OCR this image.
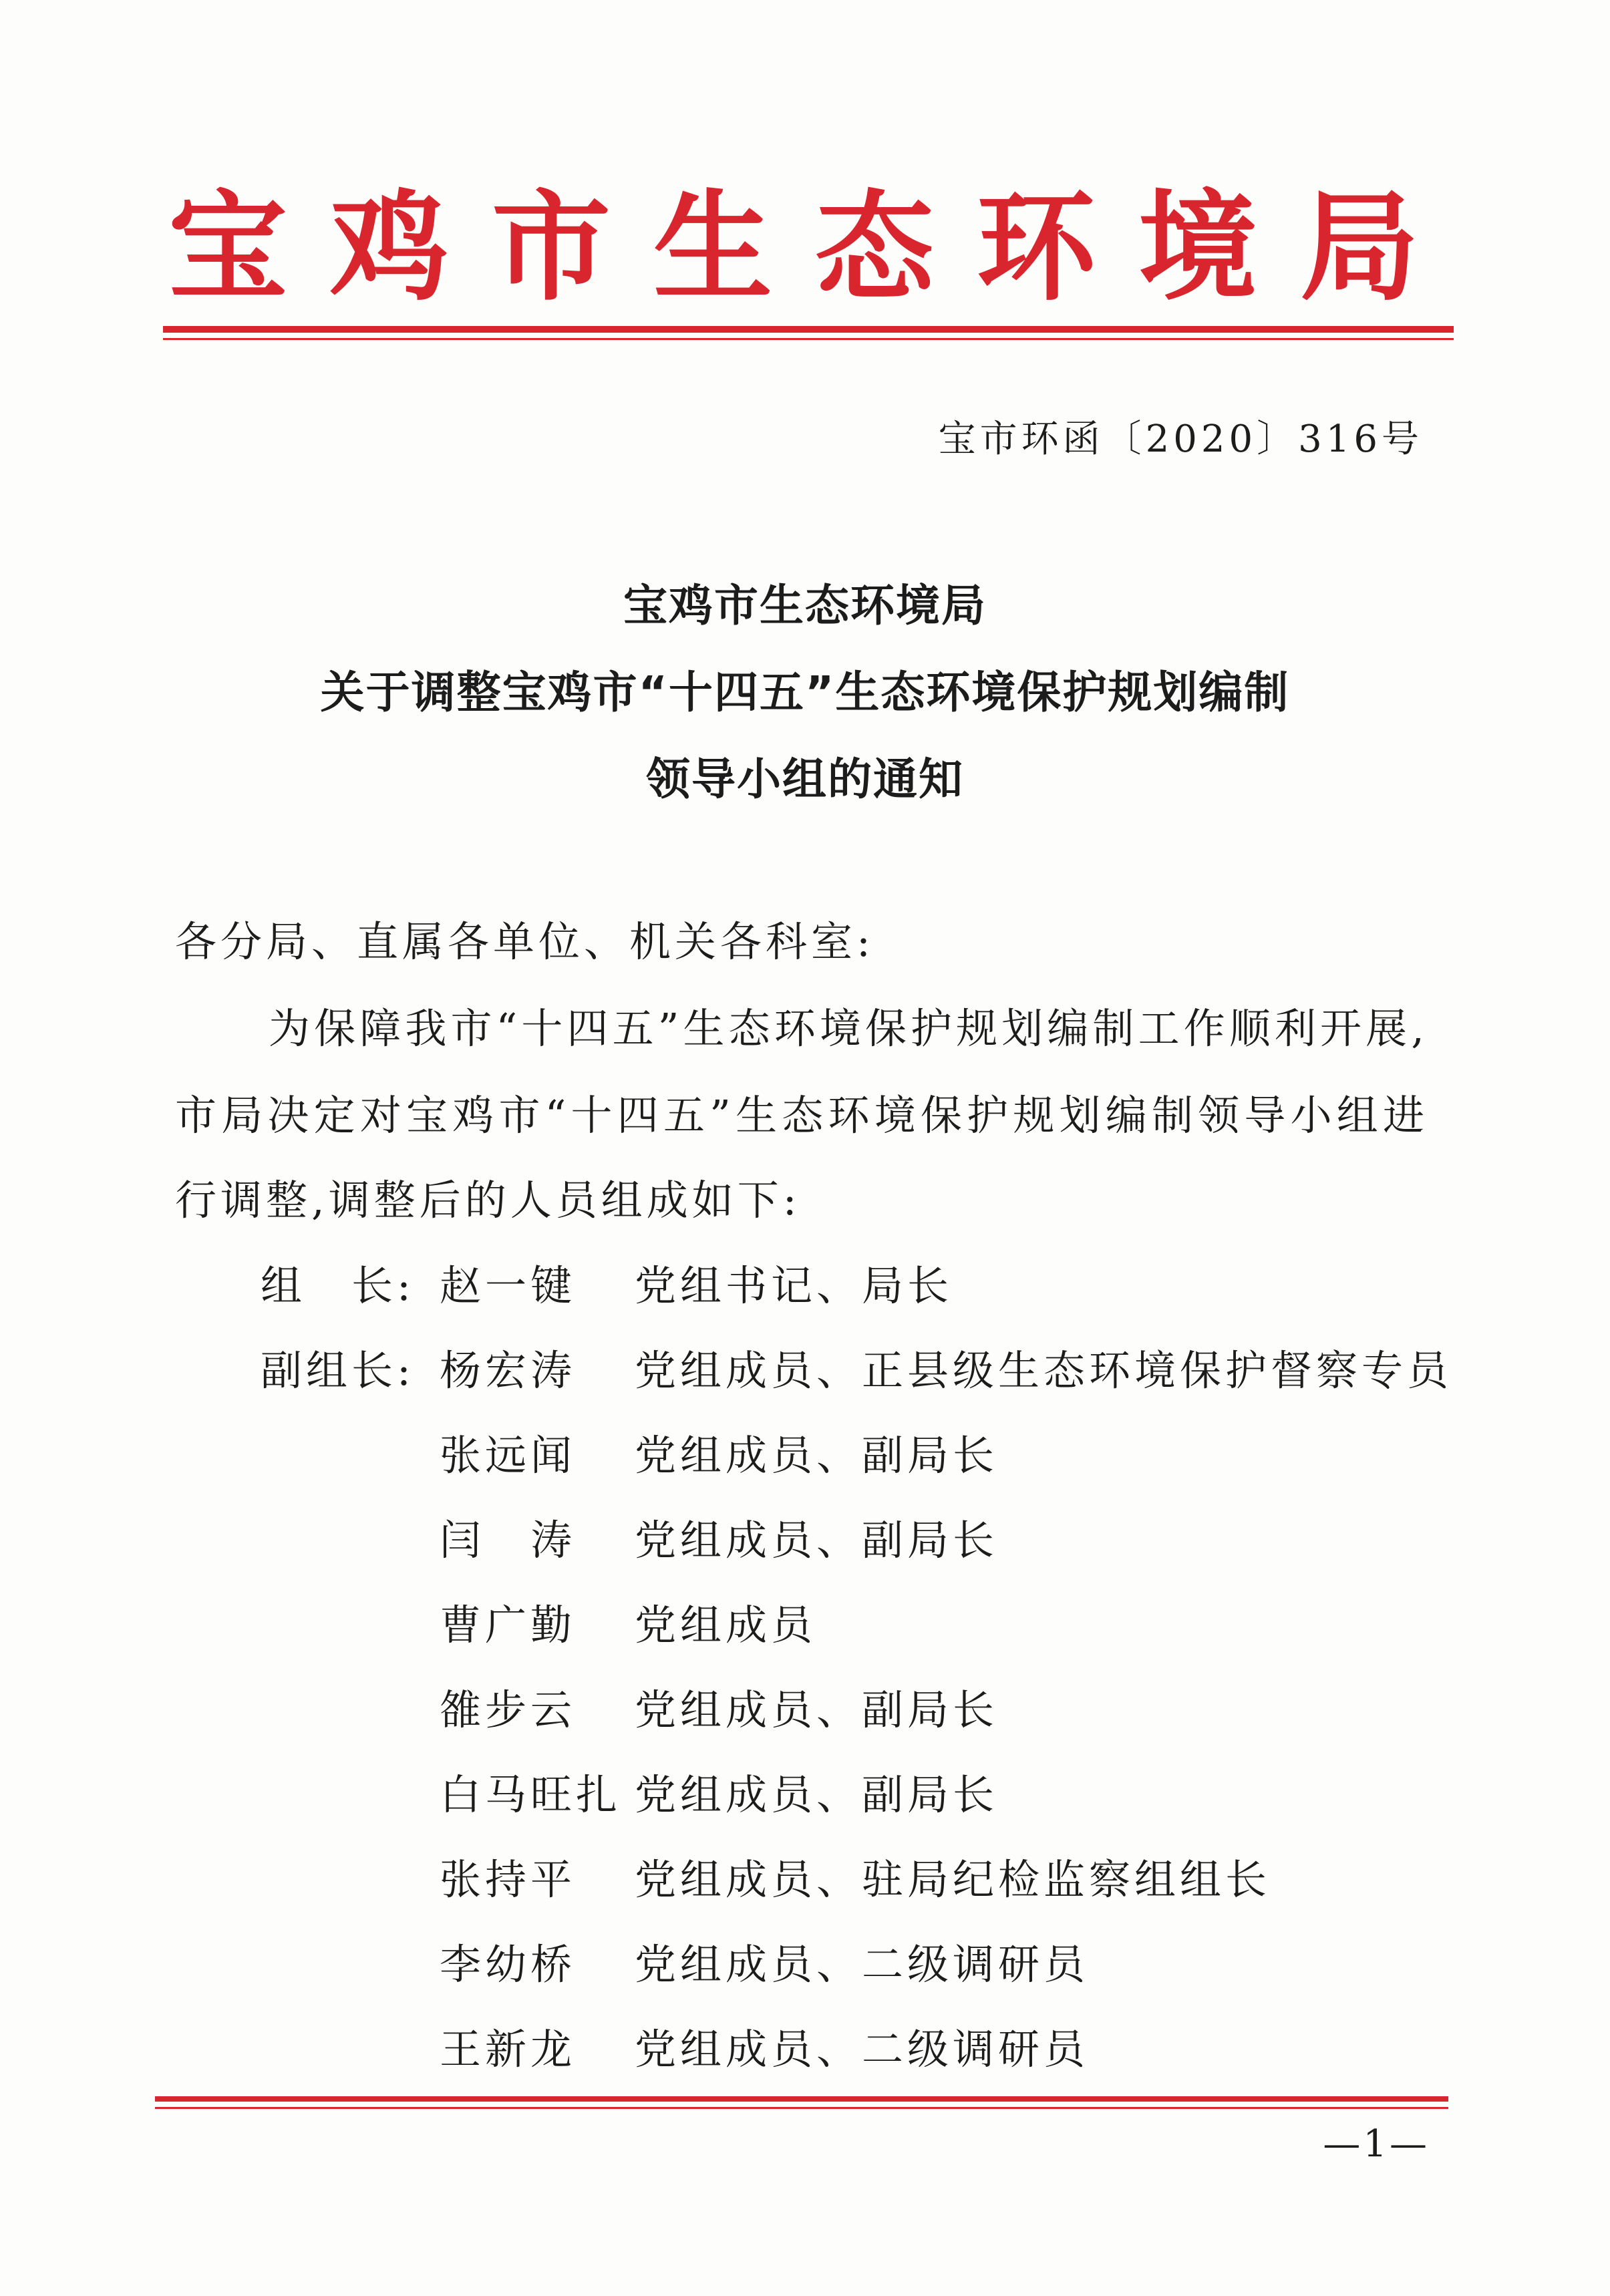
宝鸡市生态环境局
宝市环函〔2020〕316号
宝鸡市生态环境局
关于调整宝鸡市“十四五”生态环境保护规划编制
领导小组的通知
各分局、直属各单位、机关各科室:
为保障我市“十四五”生态环境保护规划编制工作顺利开展,
市局决定对宝鸡市“十四五”生态环境保护规划编制领导小组进
行调整,调整后的人员组成如下:
组　长: 赵一键 党组书记、局长
副组长: 杨宏涛 党组成员、正县级生态环境保护督察专员
张远闻 党组成员、副局长
闫　涛 党组成员、副局长
曹广勤 党组成员
雒步云 党组成员、副局长
白马旺扎 党组成员、副局长
张持平 党组成员、驻局纪检监察组组长
李幼桥 党组成员、二级调研员
王新龙 党组成员、二级调研员
—1—
